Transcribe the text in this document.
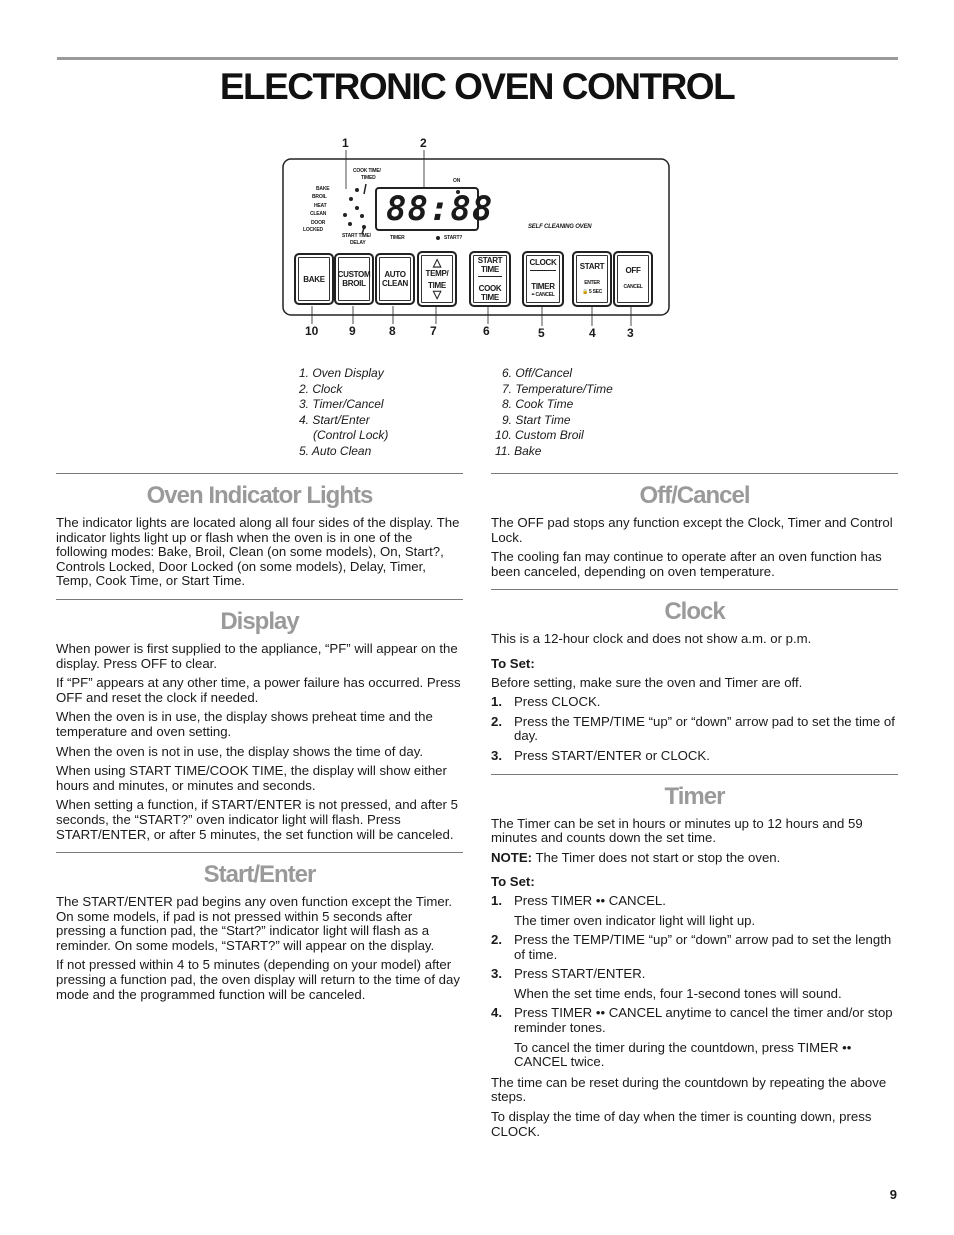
ELECTRONIC OVEN CONTROL
88:88
COOK TIME/
TIMED	ON
BAKE
BROIL
HEAT
CLEAN
DOOR
LOCKED
START TIME/
DELAY
TIMER	START?
SELF CLEANING OVEN
BAKE CUSTOM
BROIL
AUTO
CLEAN
△
TEMP/
TIME
▽
START
TIME
COOK
TIME
CLOCK
TIMER
•• CANCEL
START
ENTER
🔒 5 SEC
OFF
CANCEL
1	2
10	9	8	7	6	5	4	3
1. Oven Display
2. Clock
3. Timer/Cancel
4. Start/Enter
(Control Lock)
5. Auto Clean
6. Off/Cancel
7. Temperature/Time
8. Cook Time
9. Start Time
10. Custom Broil
11. Bake
Oven Indicator Lights

The indicator lights are located along all four sides of the display. The indicator lights light up or flash when the oven is in one of the following modes: Bake, Broil, Clean (on some models), On, Start?, Controls Locked, Door Locked (on some models), Delay, Timer, Temp, Cook Time, or Start Time.

Display

When power is first supplied to the appliance, “PF” will appear on the display. Press OFF to clear.

If “PF” appears at any other time, a power failure has occurred. Press OFF and reset the clock if needed.

When the oven is in use, the display shows preheat time and the temperature and oven setting.

When the oven is not in use, the display shows the time of day.

When using START TIME/COOK TIME, the display will show either hours and minutes, or minutes and seconds.

When setting a function, if START/ENTER is not pressed, and after 5 seconds, the “START?” oven indicator light will flash. Press START/ENTER, or after 5 minutes, the set function will be canceled.

Start/Enter

The START/ENTER pad begins any oven function except the Timer. On some models, if pad is not pressed within 5 seconds after pressing a function pad, the “Start?” indicator light will flash as a reminder. On some models, “START?” will appear on the display.

If not pressed within 4 to 5 minutes (depending on your model) after pressing a function pad, the oven display will return to the time of day mode and the programmed function will be canceled.

Off/Cancel

The OFF pad stops any function except the Clock, Timer and Control Lock.

The cooling fan may continue to operate after an oven function has been canceled, depending on oven temperature.

Clock

This is a 12-hour clock and does not show a.m. or p.m.

To Set:

Before setting, make sure the oven and Timer are off.

1. Press CLOCK.
2. Press the TEMP/TIME “up” or “down” arrow pad to set the time of day.
3. Press START/ENTER or CLOCK.
Timer

The Timer can be set in hours or minutes up to 12 hours and 59 minutes and counts down the set time.

NOTE: The Timer does not start or stop the oven.

To Set:

1. Press TIMER •• CANCEL.
The timer oven indicator light will light up.
2. Press the TEMP/TIME “up” or “down” arrow pad to set the length of time.
3. Press START/ENTER.
When the set time ends, four 1-second tones will sound.
4. Press TIMER •• CANCEL anytime to cancel the timer and/or stop reminder tones.
To cancel the timer during the countdown, press TIMER •• CANCEL twice.

The time can be reset during the countdown by repeating the above steps.

To display the time of day when the timer is counting down, press CLOCK.

9
